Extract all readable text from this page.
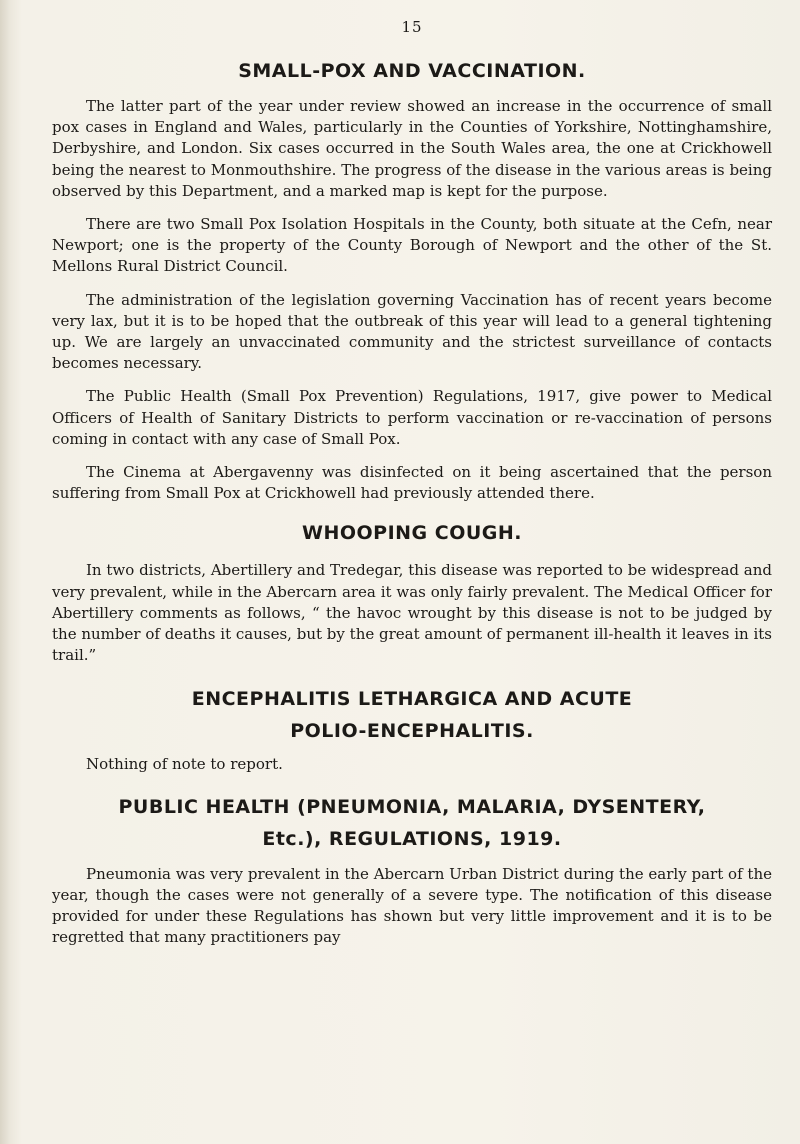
15
SMALL-POX AND VACCINATION.

The latter part of the year under review showed an increase in the occurrence of small pox cases in England and Wales, particularly in the Counties of Yorkshire, Nottinghamshire, Derbyshire, and London. Six cases occurred in the South Wales area, the one at Crickhowell being the nearest to Monmouthshire. The progress of the disease in the various areas is being observed by this Department, and a marked map is kept for the purpose.

There are two Small Pox Isolation Hospitals in the County, both situate at the Cefn, near Newport; one is the property of the County Borough of Newport and the other of the St. Mellons Rural District Council.

The administration of the legislation governing Vaccination has of recent years become very lax, but it is to be hoped that the outbreak of this year will lead to a general tightening up. We are largely an unvaccinated community and the strictest surveillance of contacts becomes necessary.

The Public Health (Small Pox Prevention) Regulations, 1917, give power to Medical Officers of Health of Sanitary Districts to perform vaccination or re-vaccination of persons coming in contact with any case of Small Pox.

The Cinema at Abergavenny was disinfected on it being ascertained that the person suffering from Small Pox at Crickhowell had previously attended there.

WHOOPING COUGH.

In two districts, Abertillery and Tredegar, this disease was reported to be widespread and very prevalent, while in the Abercarn area it was only fairly prevalent. The Medical Officer for Abertillery comments as follows, “ the havoc wrought by this disease is not to be judged by the number of deaths it causes, but by the great amount of permanent ill-health it leaves in its trail.”

ENCEPHALITIS LETHARGICA AND ACUTE
POLIO-ENCEPHALITIS.

Nothing of note to report.

PUBLIC HEALTH (PNEUMONIA, MALARIA, DYSENTERY,
Etc.), REGULATIONS, 1919.

Pneumonia was very prevalent in the Abercarn Urban District during the early part of the year, though the cases were not generally of a severe type. The notification of this disease provided for under these Regulations has shown but very little improvement and it is to be regretted that many practitioners pay
